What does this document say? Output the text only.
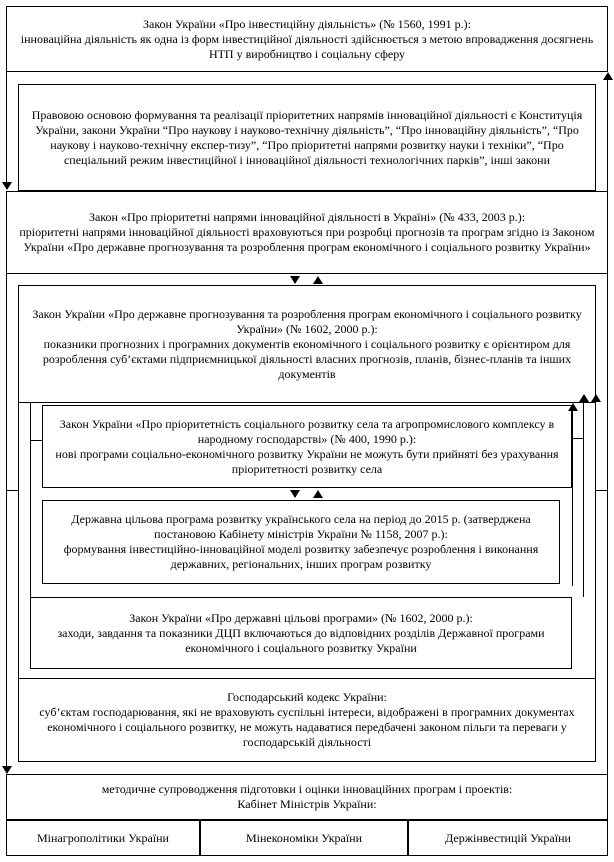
Закон України «Про інвестиційну діяльність» (№ 1560, 1991 р.):

інноваційна діяльність як одна із форм інвестиційної діяльності здійснюється з метою впровадження досягнень НТП у виробництво і соціальну сферу

Правовою основою формування та реалізації пріоритетних напрямів інноваційної діяльності є Конституція України, закони України “Про наукову і науково-технічну діяльність”, “Про інноваційну діяльність”, “Про наукову і науково-технічну експер-тизу”, “Про пріоритетні напрями розвитку науки і техніки”, “Про спеціальний режим інвестиційної і інноваційної діяльності технологічних парків”, інші закони

Закон «Про пріоритетні напрями інноваційної діяльності в Україні» (№ 433, 2003 р.):

пріоритетні напрями інноваційної діяльності враховуються при розробці прогнозів та програм згідно із Законом України «Про державне прогнозування та розроблення програм економічного і соціального розвитку України»

Закон України «Про державне прогнозування та розроблення програм економічного і соціального розвитку України» (№ 1602, 2000 р.):

показники прогнозних і програмних документів економічного і соціального розвитку є орієнтиром для розроблення суб’єктами підприємницької діяльності власних прогнозів, планів, бізнес-планів та інших документів

Закон України «Про пріоритетність соціального розвитку села та агропромислового комплексу в народному господарстві» (№ 400, 1990 р.):

нові програми соціально-економічного розвитку України не можуть бути прийняті без урахування пріоритетності розвитку села

Державна цільова програма розвитку українського села на період до 2015 р. (затверджена постановою Кабінету міністрів України № 1158, 2007 р.):

формування інвестиційно-інноваційної моделі розвитку забезпечує розроблення і виконання державних, регіональних, інших програм розвитку

Закон України «Про державні цільові програми» (№ 1602, 2000 р.):

заходи, завдання та показники ДЦП включаються до відповідних розділів Державної програми економічного і соціального розвитку України

Господарський кодекс України:

суб’єктам господарювання, які не враховують суспільні інтереси, відображені в програмних документах економічного і соціального розвитку, не можуть надаватися передбачені законом пільги та переваги у господарській діяльності

методичне супроводження підготовки і оцінки інноваційних програм і проектів:

Кабінет Міністрів України:

Мінагрополітики України	Мінекономіки України	Держінвестицій України
